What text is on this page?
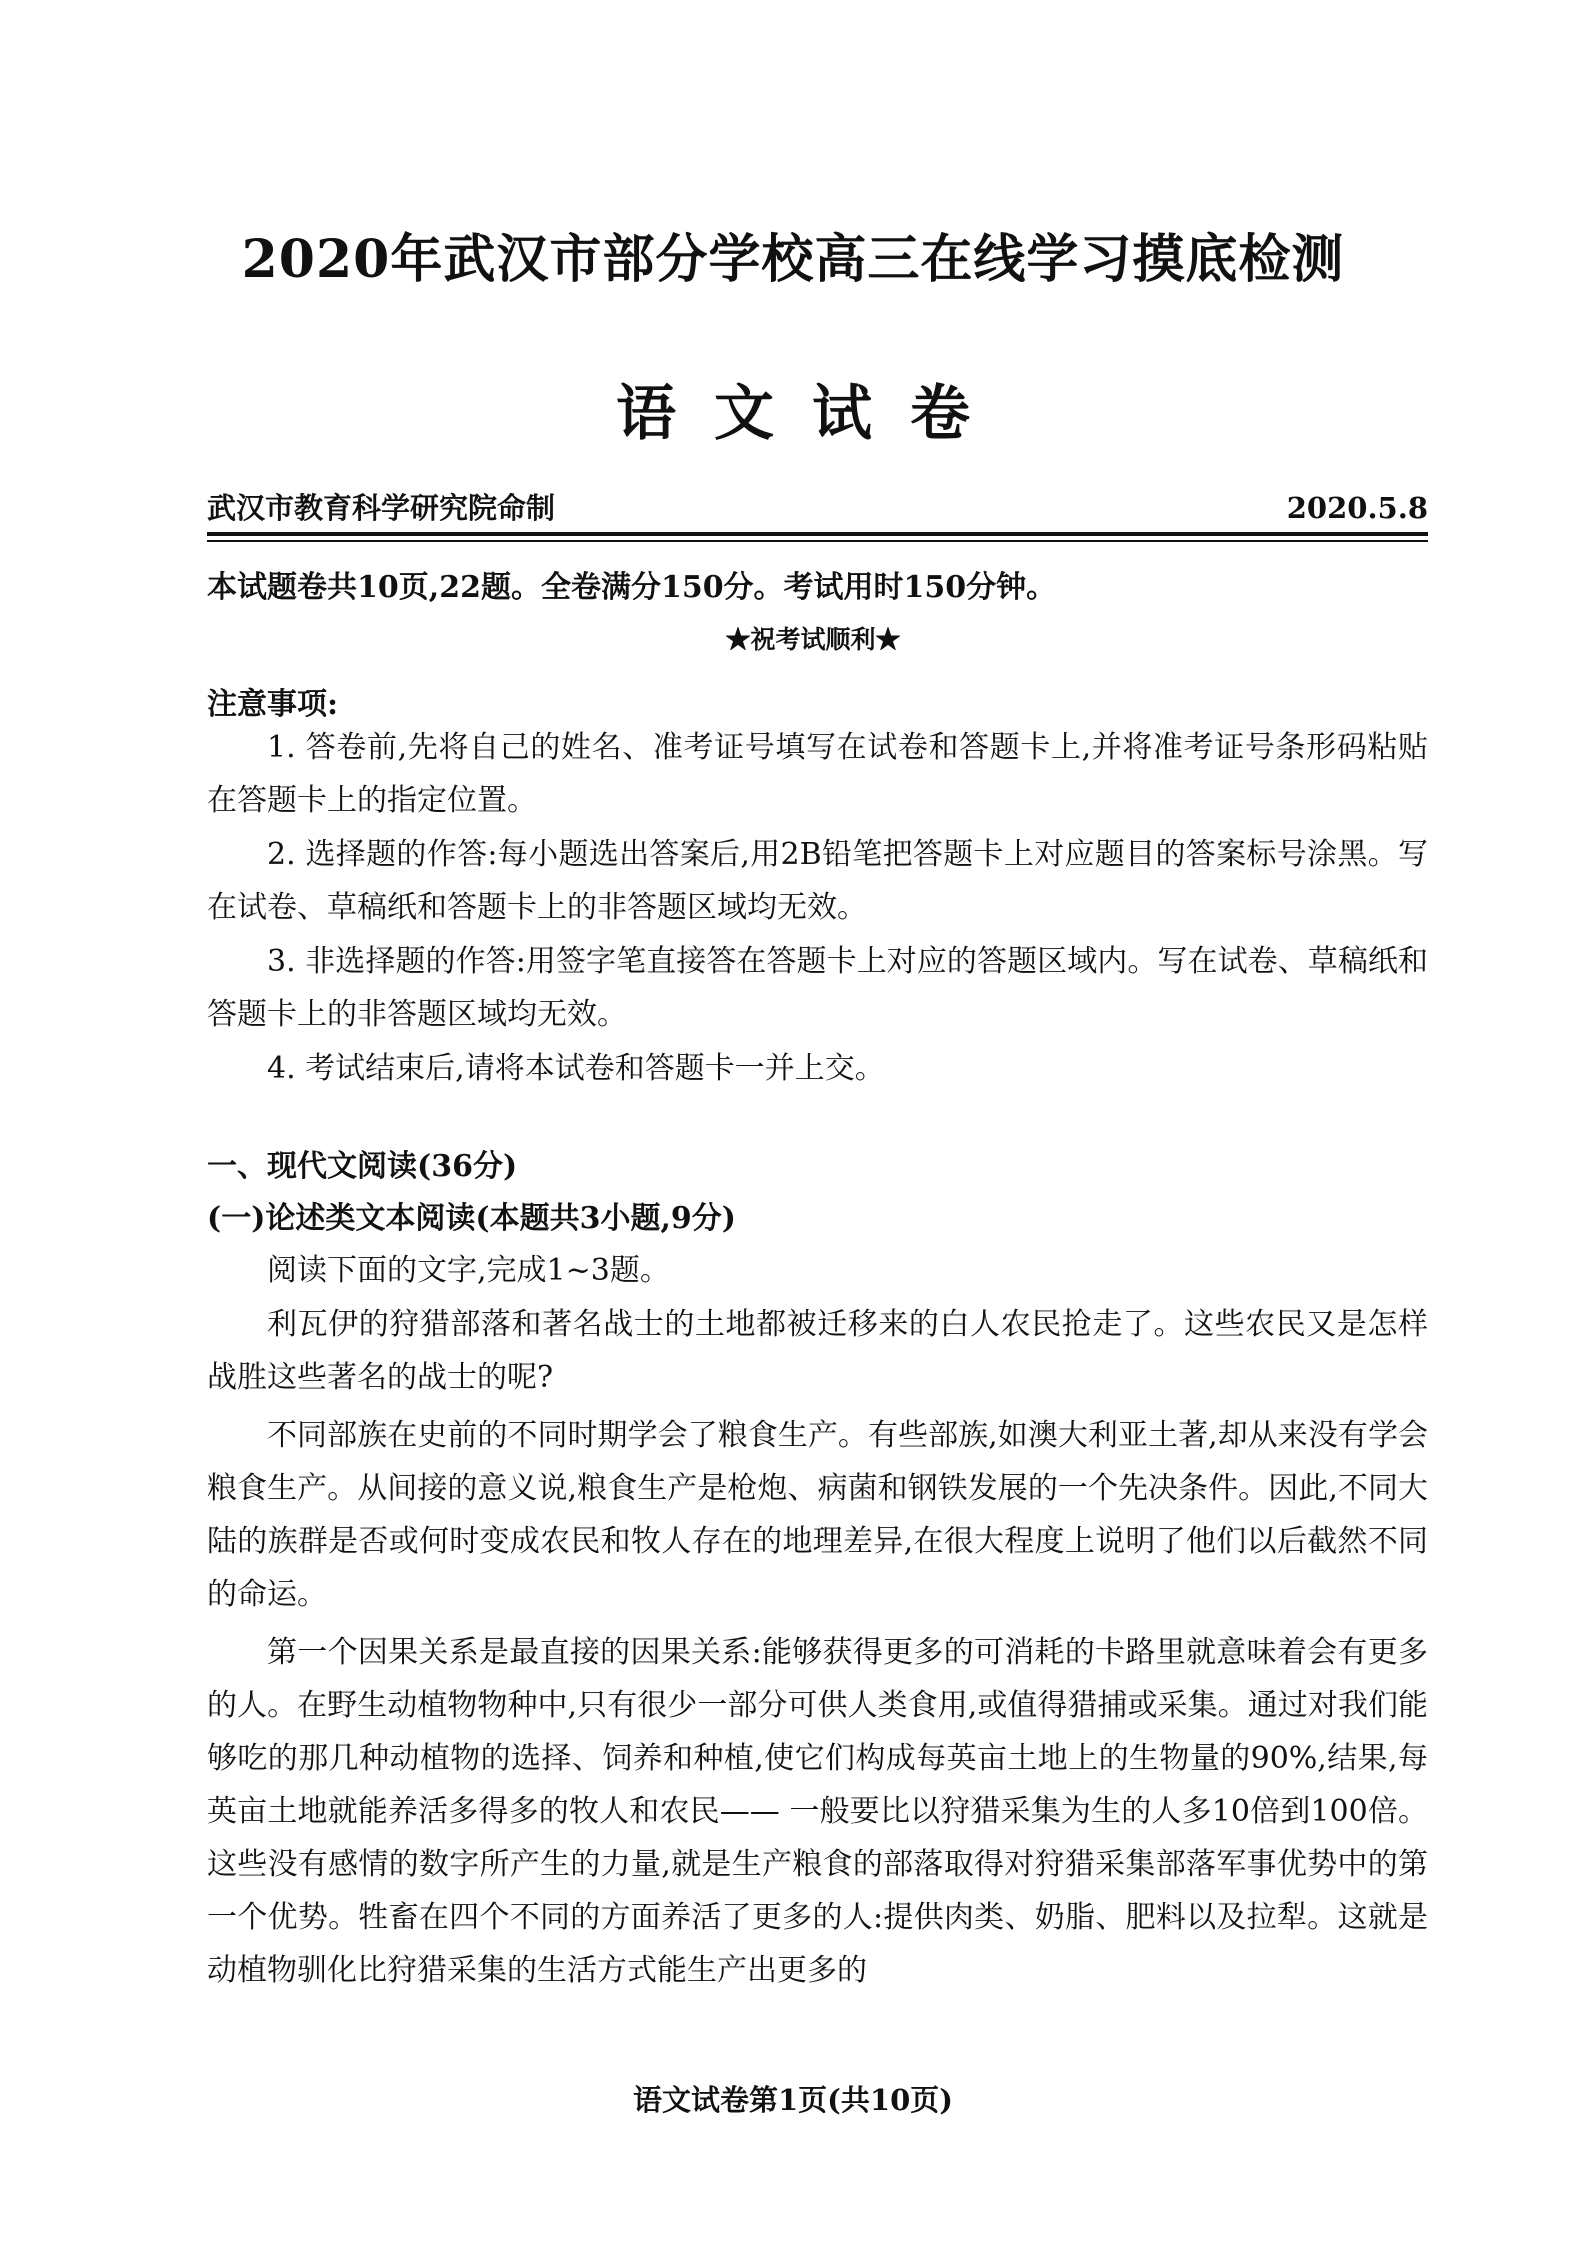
2020年武汉市部分学校高三在线学习摸底检测
语文试卷
武汉市教育科学研究院命制	2020.5.8
本试题卷共10页,22题。全卷满分150分。考试用时150分钟。
★祝考试顺利★
注意事项:

1. 答卷前,先将自己的姓名、准考证号填写在试卷和答题卡上,并将准考证号条形码粘贴在答题卡上的指定位置。

2. 选择题的作答:每小题选出答案后,用2B铅笔把答题卡上对应题目的答案标号涂黑。写在试卷、草稿纸和答题卡上的非答题区域均无效。

3. 非选择题的作答:用签字笔直接答在答题卡上对应的答题区域内。写在试卷、草稿纸和答题卡上的非答题区域均无效。

4. 考试结束后,请将本试卷和答题卡一并上交。

一、现代文阅读(36分)
(一)论述类文本阅读(本题共3小题,9分)
阅读下面的文字,完成1~3题。

利瓦伊的狩猎部落和著名战士的土地都被迁移来的白人农民抢走了。这些农民又是怎样战胜这些著名的战士的呢?

不同部族在史前的不同时期学会了粮食生产。有些部族,如澳大利亚土著,却从来没有学会粮食生产。从间接的意义说,粮食生产是枪炮、病菌和钢铁发展的一个先决条件。因此,不同大陆的族群是否或何时变成农民和牧人存在的地理差异,在很大程度上说明了他们以后截然不同的命运。

第一个因果关系是最直接的因果关系:能够获得更多的可消耗的卡路里就意味着会有更多的人。在野生动植物物种中,只有很少一部分可供人类食用,或值得猎捕或采集。通过对我们能够吃的那几种动植物的选择、饲养和种植,使它们构成每英亩土地上的生物量的90%,结果,每英亩土地就能养活多得多的牧人和农民—— 一般要比以狩猎采集为生的人多10倍到100倍。这些没有感情的数字所产生的力量,就是生产粮食的部落取得对狩猎采集部落军事优势中的第一个优势。牲畜在四个不同的方面养活了更多的人:提供肉类、奶脂、肥料以及拉犁。这就是动植物驯化比狩猎采集的生活方式能生产出更多的

语文试卷第1页(共10页)
